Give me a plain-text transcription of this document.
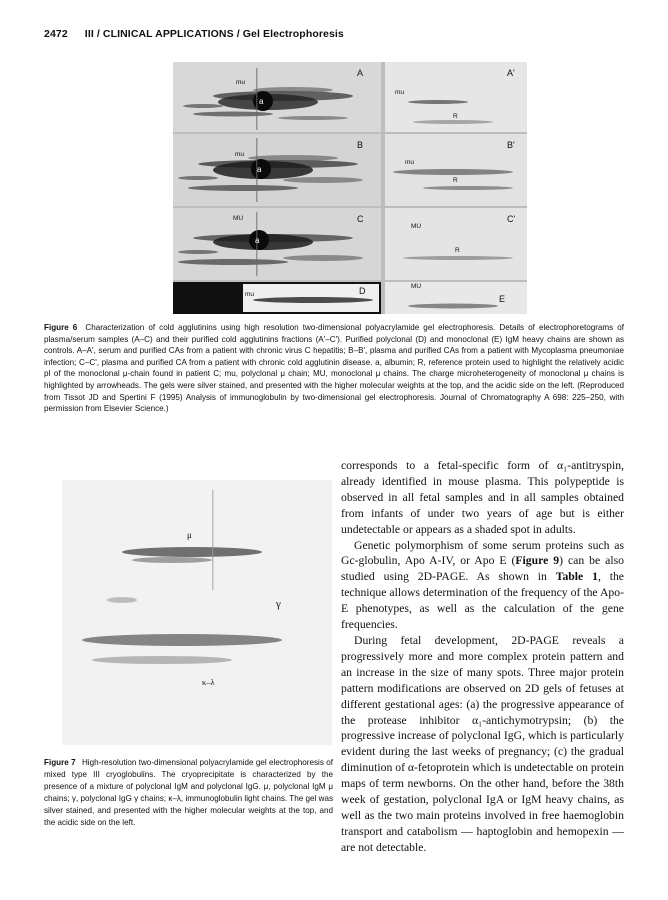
2472 III / CLINICAL APPLICATIONS / Gel Electrophoresis
A	A'
B	B'
C	C'
D
E
mu
mu
MU
mu
mu
mu
MU
MU
a
a
a
R
R
R
Figure 6 Characterization of cold agglutinins using high resolution two-dimensional polyacrylamide gel electrophoresis. Details of electrophoretograms of plasma/serum samples (A–C) and their purified cold agglutinins fractions (A'–C'). Purified polyclonal (D) and monoclonal (E) IgM heavy chains are shown as controls. A–A', serum and purified CAs from a patient with chronic virus C hepatitis; B–B', plasma and purified CAs from a patient with Mycoplasma pneumoniae infection; C–C', plasma and purified CA from a patient with chronic cold agglutinin disease. a, albumin; R, reference protein used to highlight the relatively acidic pI of the monoclonal μ-chain found in patient C; mu, polyclonal μ chain; MU, monoclonal μ chains. The charge microheterogeneity of monoclonal μ chains is highlighted by arrowheads. The gels were silver stained, and presented with the higher molecular weights at the top, and the acidic side on the left. (Reproduced from Tissot JD and Spertini F (1995) Analysis of immunoglobulin by two-dimensional gel electrophoresis. Journal of Chromatography A 698: 225–250, with permission from Elsevier Science.)
μ
γ
κ–λ
Figure 7 High-resolution two-dimensional polyacrylamide gel electrophoresis of mixed type III cryoglobulins. The cryoprecipitate is characterized by the presence of a mixture of polyclonal IgM and polyclonal IgG. μ, polyclonal IgM μ chains; γ, polyclonal IgG γ chains; κ–λ, immunoglobulin light chains. The gel was silver stained, and presented with the higher molecular weights at the top, and the acidic side on the left.

corresponds to a fetal-specific form of α₁-antitryspin, already identified in mouse plasma. This polypeptide is observed in all fetal samples and in all samples obtained from infants of under two years of age but is either undetectable or appears as a shaded spot in adults.

Genetic polymorphism of some serum proteins such as Gc-globulin, Apo A-IV, or Apo E (Figure 9) can be also studied using 2D-PAGE. As shown in Table 1, the technique allows determination of the frequency of the Apo-E phenotypes, as well as the calculation of the gene frequencies.

During fetal development, 2D-PAGE reveals a progressively more and more complex protein pattern and an increase in the size of many spots. Three major protein pattern modifications are observed on 2D gels of fetuses at different gestational ages: (a) the progressive appearance of the protease inhibitor α₁-antichymotrypsin; (b) the progressive increase of polyclonal IgG, which is particularly evident during the last weeks of pregnancy; (c) the gradual diminution of α-fetoprotein which is undetectable on protein maps of term newborns. On the other hand, before the 38th week of gestation, polyclonal IgA or IgM heavy chains, as well as the two main proteins involved in free haemoglobin transport and catabolism — haptoglobin and hemopexin — are not detectable.
